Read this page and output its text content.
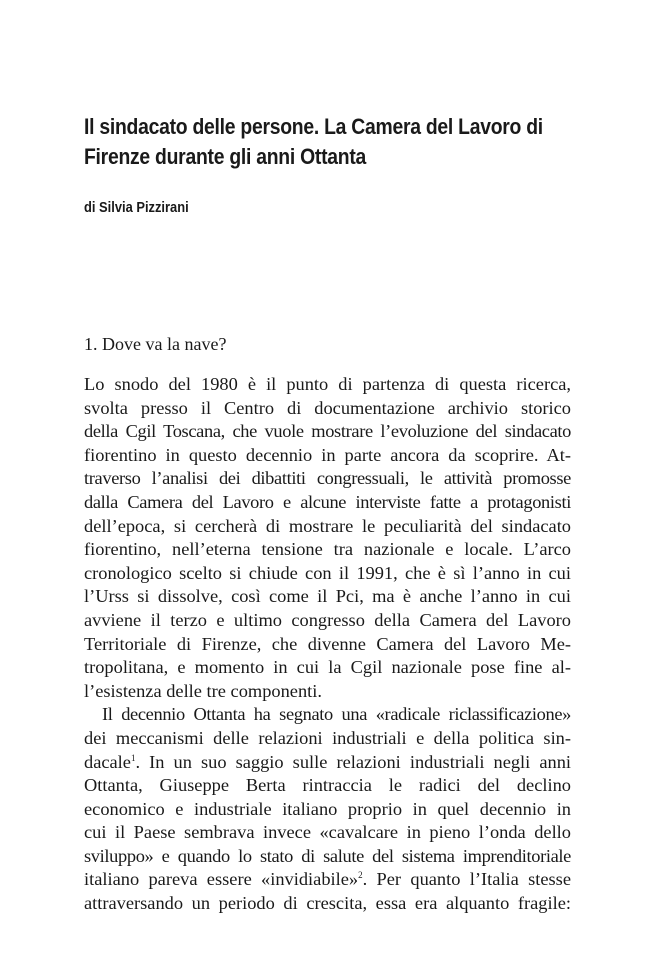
Il sindacato delle persone. La Camera del Lavoro di
Firenze durante gli anni Ottanta

di Silvia Pizzirani

1. Dove va la nave?
Lo snodo del 1980 è il punto di partenza di questa ricerca,
svolta presso il Centro di documentazione archivio storico
della Cgil Toscana, che vuole mostrare l’evoluzione del sindacato
fiorentino in questo decennio in parte ancora da scoprire. At-
traverso l’analisi dei dibattiti congressuali, le attività promosse
dalla Camera del Lavoro e alcune interviste fatte a protagonisti
dell’epoca, si cercherà di mostrare le peculiarità del sindacato
fiorentino, nell’eterna tensione tra nazionale e locale. L’arco
cronologico scelto si chiude con il 1991, che è sì l’anno in cui
l’Urss si dissolve, così come il Pci, ma è anche l’anno in cui
avviene il terzo e ultimo congresso della Camera del Lavoro
Territoriale di Firenze, che divenne Camera del Lavoro Me-
tropolitana, e momento in cui la Cgil nazionale pose fine al-
l’esistenza delle tre componenti.
Il decennio Ottanta ha segnato una «radicale riclassificazione»
dei meccanismi delle relazioni industriali e della politica sin-
dacale$^1$. In un suo saggio sulle relazioni industriali negli anni
Ottanta, Giuseppe Berta rintraccia le radici del declino
economico e industriale italiano proprio in quel decennio in
cui il Paese sembrava invece «cavalcare in pieno l’onda dello
sviluppo» e quando lo stato di salute del sistema imprenditoriale
italiano pareva essere «invidiabile»$^2$. Per quanto l’Italia stesse
attraversando un periodo di crescita, essa era alquanto fragile:
